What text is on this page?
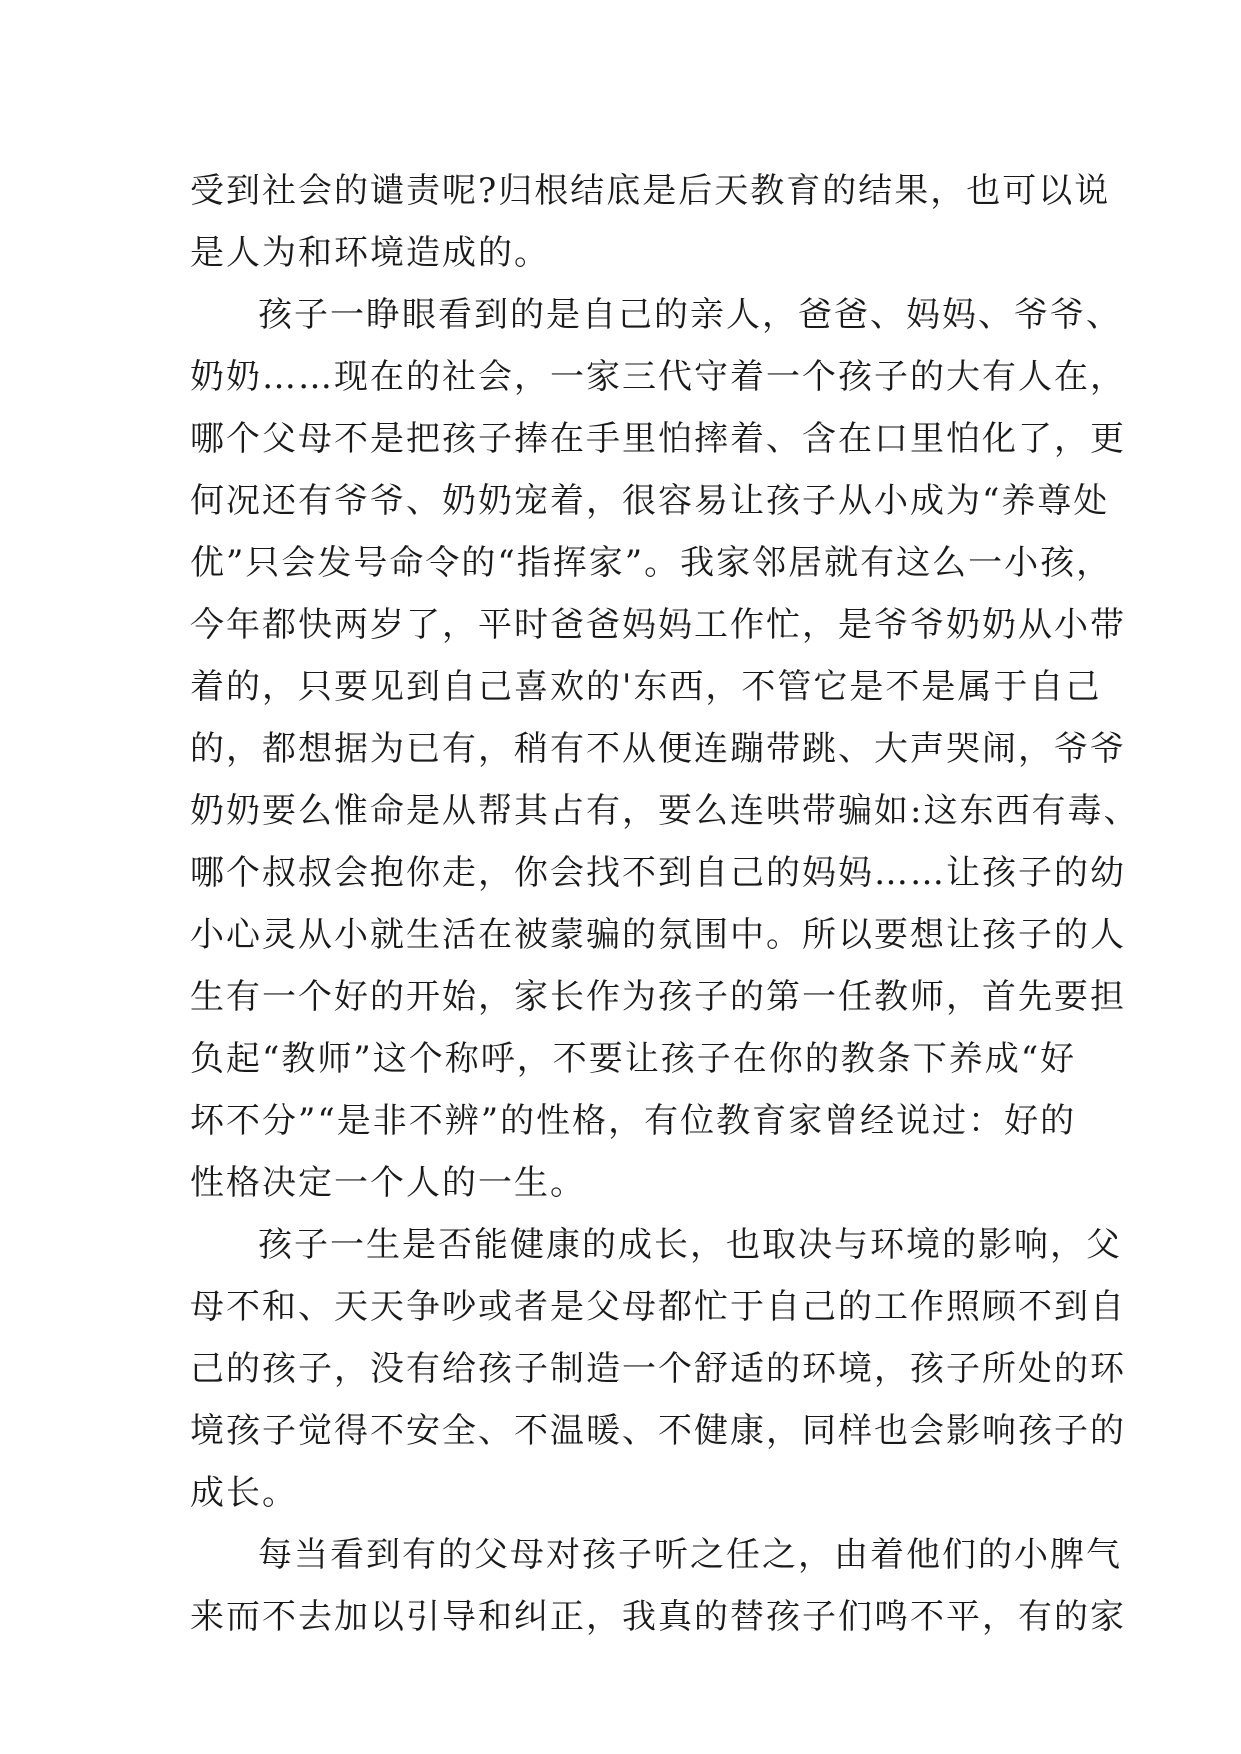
受到社会的谴责呢?归根结底是后天教育的结果，也可以说
是人为和环境造成的。
孩子一睁眼看到的是自己的亲人，爸爸、妈妈、爷爷、
奶奶……现在的社会，一家三代守着一个孩子的大有人在，
哪个父母不是把孩子捧在手里怕摔着、含在口里怕化了，更
何况还有爷爷、奶奶宠着，很容易让孩子从小成为“养尊处
优”只会发号命令的“指挥家”。我家邻居就有这么一小孩，
今年都快两岁了，平时爸爸妈妈工作忙，是爷爷奶奶从小带
着的，只要见到自己喜欢的'东西，不管它是不是属于自己
的，都想据为已有，稍有不从便连蹦带跳、大声哭闹，爷爷
奶奶要么惟命是从帮其占有，要么连哄带骗如:这东西有毒、
哪个叔叔会抱你走，你会找不到自己的妈妈……让孩子的幼
小心灵从小就生活在被蒙骗的氛围中。所以要想让孩子的人
生有一个好的开始，家长作为孩子的第一任教师，首先要担
负起“教师”这个称呼，不要让孩子在你的教条下养成“好
坏不分”“是非不辨”的性格，有位教育家曾经说过：好的
性格决定一个人的一生。
孩子一生是否能健康的成长，也取决与环境的影响，父
母不和、天天争吵或者是父母都忙于自己的工作照顾不到自
己的孩子，没有给孩子制造一个舒适的环境，孩子所处的环
境孩子觉得不安全、不温暖、不健康，同样也会影响孩子的
成长。
每当看到有的父母对孩子听之任之，由着他们的小脾气
来而不去加以引导和纠正，我真的替孩子们鸣不平，有的家
